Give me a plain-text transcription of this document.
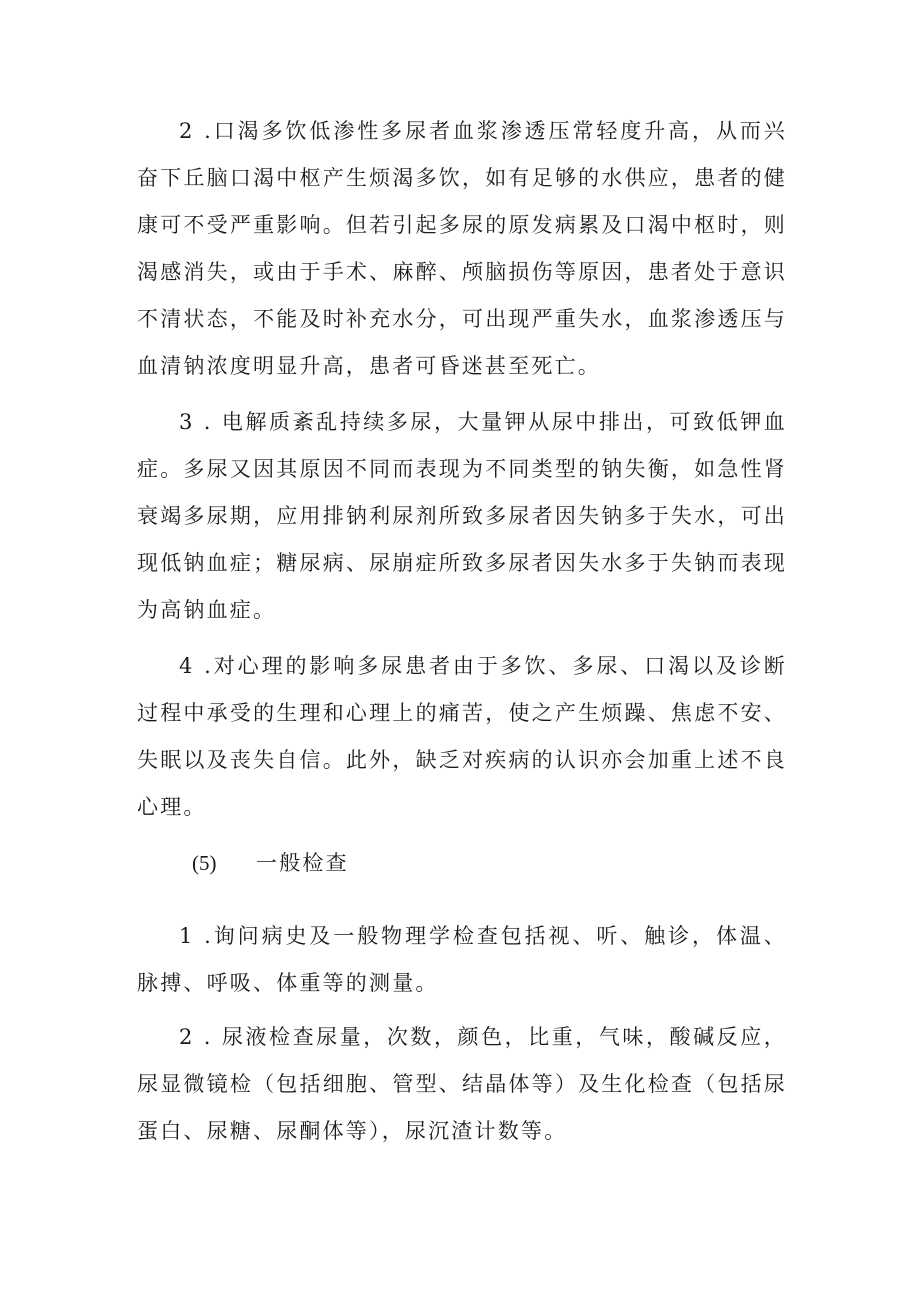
2 .口渴多饮低渗性多尿者血浆渗透压常轻度升高，从而兴奋下丘脑口渴中枢产生烦渴多饮，如有足够的水供应，患者的健康可不受严重影响。但若引起多尿的原发病累及口渴中枢时，则渴感消失，或由于手术、麻醉、颅脑损伤等原因，患者处于意识不清状态，不能及时补充水分，可出现严重失水，血浆渗透压与血清钠浓度明显升高，患者可昏迷甚至死亡。

3 . 电解质紊乱持续多尿，大量钾从尿中排出，可致低钾血症。多尿又因其原因不同而表现为不同类型的钠失衡，如急性肾衰竭多尿期，应用排钠利尿剂所致多尿者因失钠多于失水，可出现低钠血症；糖尿病、尿崩症所致多尿者因失水多于失钠而表现为高钠血症。

4 .对心理的影响多尿患者由于多饮、多尿、口渴以及诊断过程中承受的生理和心理上的痛苦，使之产生烦躁、焦虑不安、失眠以及丧失自信。此外，缺乏对疾病的认识亦会加重上述不良心理。

(5) 一般检查

1 .询问病史及一般物理学检查包括视、听、触诊，体温、脉搏、呼吸、体重等的测量。

2 . 尿液检查尿量，次数，颜色，比重，气味，酸碱反应，尿显微镜检（包括细胞、管型、结晶体等）及生化检查（包括尿蛋白、尿糖、尿酮体等），尿沉渣计数等。
